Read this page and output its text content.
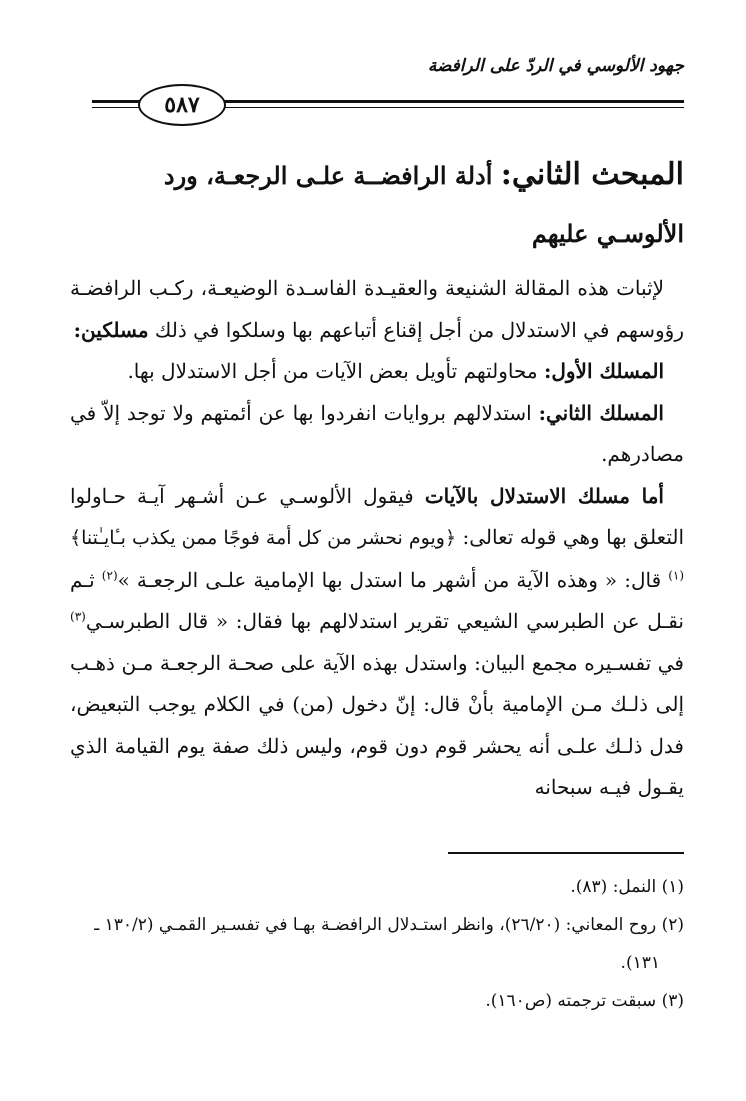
جهود الألوسي في الردّ على الرافضة
٥٨٧
المبحث الثاني: أدلة الرافضــة علـى الرجعـة، ورد الألوسـي عليهم

لإثبات هذه المقالة الشنيعة والعقيـدة الفاسـدة الوضيعـة، ركـب الرافضـة رؤوسهم في الاستدلال من أجل إقناع أتباعهم بها وسلكوا في ذلك مسلكين:

المسلك الأول: محاولتهم تأويل بعض الآيات من أجل الاستدلال بها.

المسلك الثاني: استدلالهم بروايات انفردوا بها عن أئمتهم ولا توجد إلاّ في مصادرهم.

أما مسلك الاستدلال بالآيات فيقول الألوسـي عـن أشـهر آيـة حـاولوا التعلق بها وهي قوله تعالى: ﴿ويوم نحشر من كل أمة فوجًا ممن يكذب بـٔايـٰتنا﴾$^{(١)}$ قال: « وهذه الآية من أشهر ما استدل بها الإمامية علـى الرجعـة »$^{(٢)}$ ثـم نقـل عن الطبرسي الشيعي تقرير استدلالهم بها فقال: « قال الطبرسـي$^{(٣)}$ في تفسـيره مجمع البيان: واستدل بهذه الآية على صحـة الرجعـة مـن ذهـب إلى ذلـك مـن الإمامية بأنْ قال: إنّ دخول (من) في الكلام يوجب التبعيض، فدل ذلـك علـى أنه يحشر قوم دون قوم، وليس ذلك صفة يوم القيامة الذي يقـول فيـه سبحانه

(١) النمل: (٨٣).

(٢) روح المعاني: (٢٦/٢٠)، وانظر استـدلال الرافضـة بهـا في تفسـير القمـي (١٣٠/٢ ـ

١٣١).

(٣) سبقت ترجمته (ص١٦٠).
